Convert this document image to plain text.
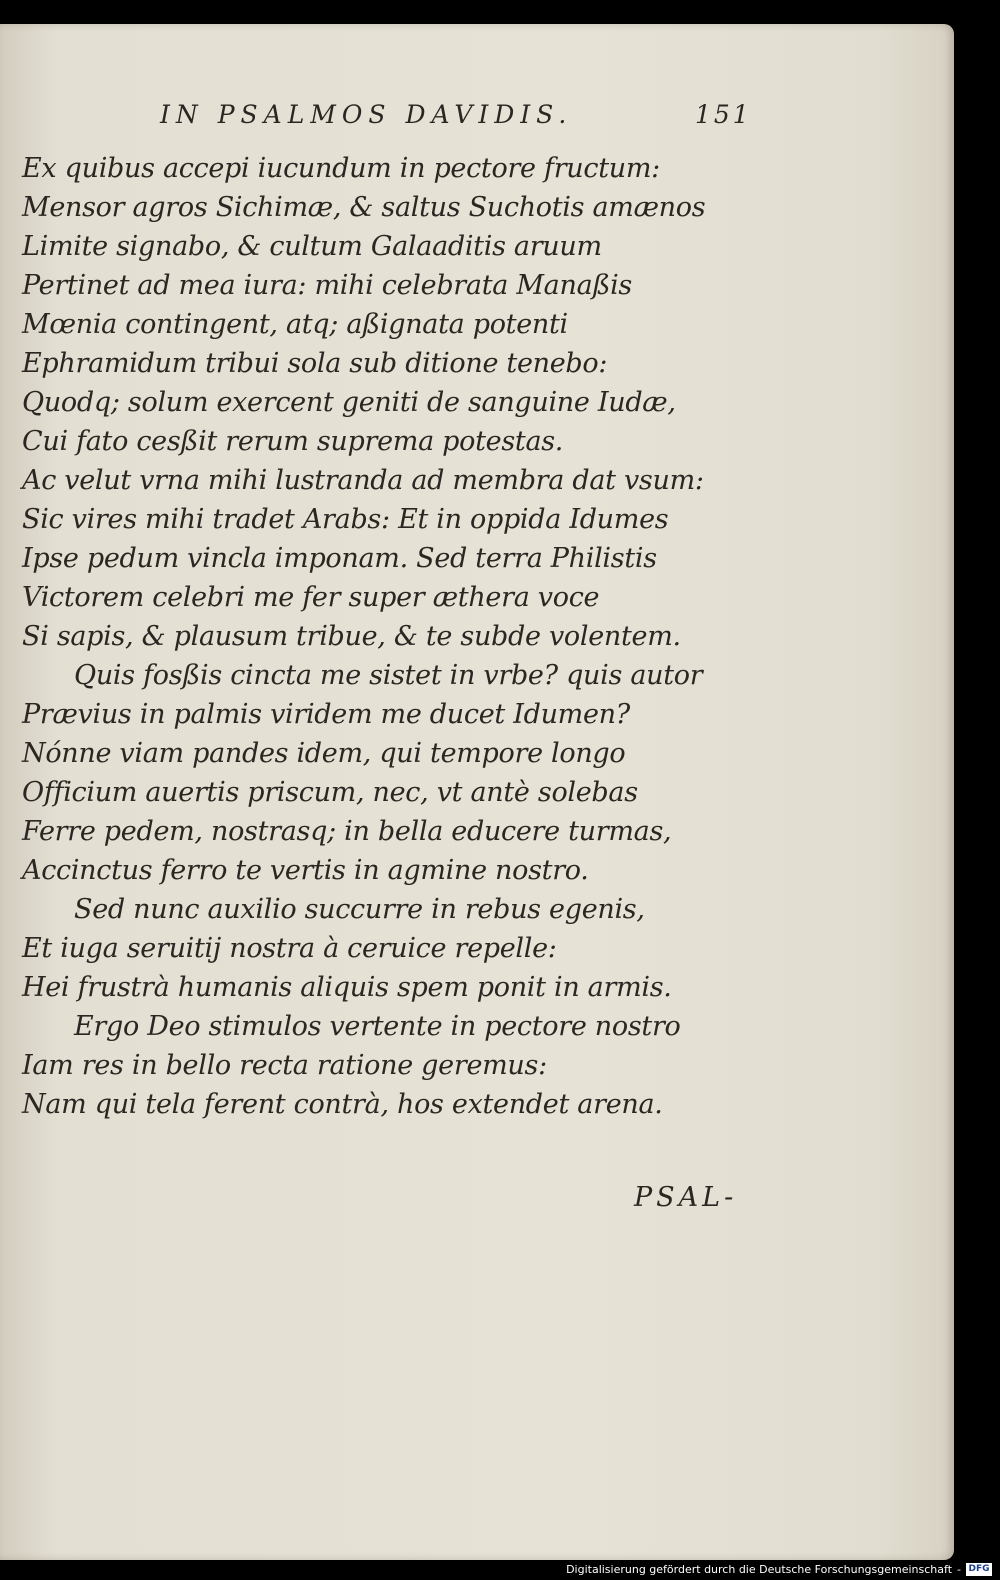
IN PSALMOS DAVIDIS.	151
Ex quibus accepi iucundum in pectore fructum:
Mensor agros Sichimæ, & saltus Suchotis amænos
Limite signabo, & cultum Galaaditis aruum
Pertinet ad mea iura: mihi celebrata Manaßis
Mœnia contingent, atq; aßignata potenti
Ephramidum tribui sola sub ditione tenebo:
Quodq; solum exercent geniti de sanguine Iudæ,
Cui fato cesßit rerum suprema potestas.
Ac velut vrna mihi lustranda ad membra dat vsum:
Sic vires mihi tradet Arabs: Et in oppida Idumes
Ipse pedum vincla imponam. Sed terra Philistis
Victorem celebri me fer super æthera voce
Si sapis, & plausum tribue, & te subde volentem.
Quis fosßis cincta me sistet in vrbe? quis autor
Prævius in palmis viridem me ducet Idumen?
Nónne viam pandes idem, qui tempore longo
Officium auertis priscum, nec, vt antè solebas
Ferre pedem, nostrasq; in bella educere turmas,
Accinctus ferro te vertis in agmine nostro.
Sed nunc auxilio succurre in rebus egenis,
Et iuga seruitij nostra à ceruice repelle:
Hei frustrà humanis aliquis spem ponit in armis.
Ergo Deo stimulos vertente in pectore nostro
Iam res in bello recta ratione geremus:
Nam qui tela ferent contrà, hos extendet arena.
PSAL-
Digitalisierung gefördert durch die Deutsche Forschungsgemeinschaft - DFG
